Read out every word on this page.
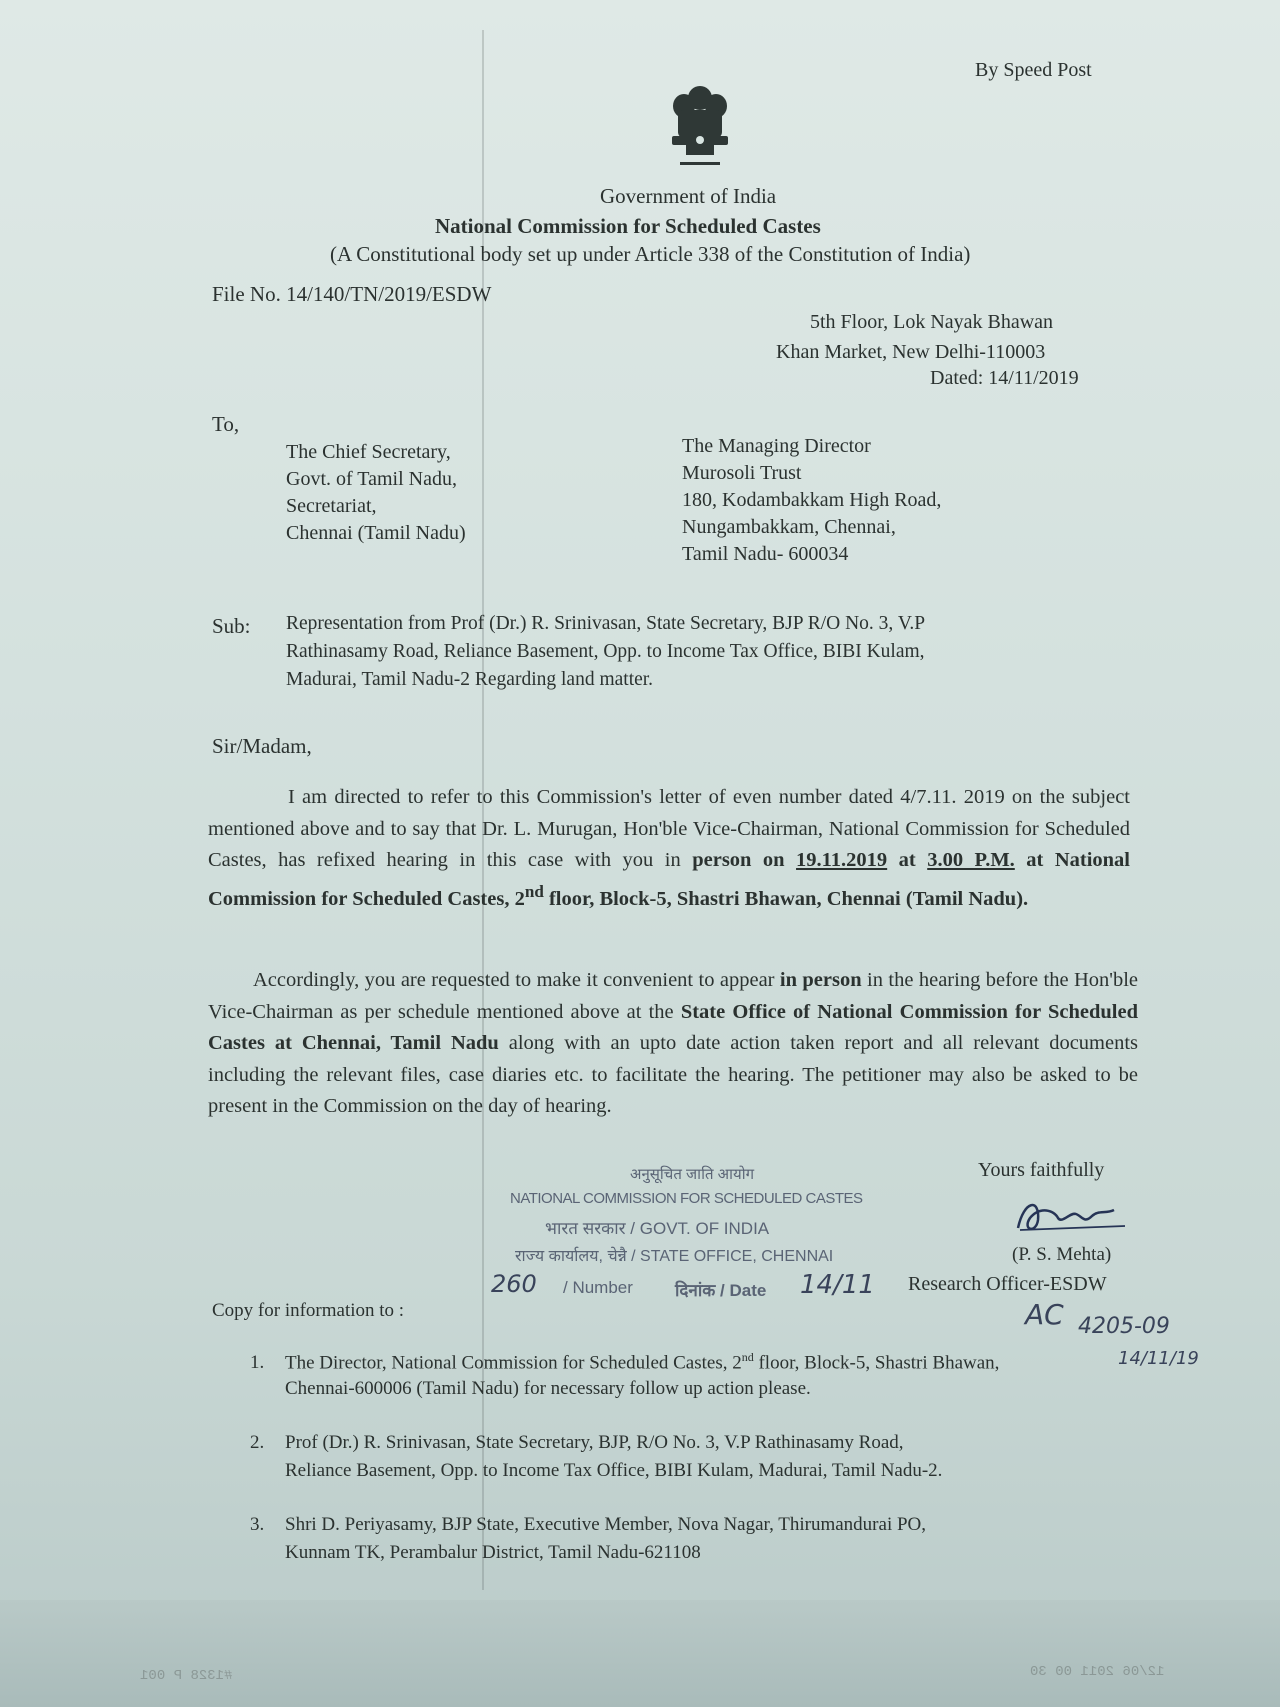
By Speed Post
Government of India
National Commission for Scheduled Castes
(A Constitutional body set up under Article 338 of the Constitution of India)
File No. 14/140/TN/2019/ESDW
5th Floor, Lok Nayak Bhawan
Khan Market, New Delhi-110003
Dated: 14/11/2019
To,
The Chief Secretary,
Govt. of Tamil Nadu,
Secretariat,
Chennai (Tamil Nadu)
The Managing Director
Murosoli Trust
180, Kodambakkam High Road,
Nungambakkam, Chennai,
Tamil Nadu- 600034
Sub: Representation from Prof (Dr.) R. Srinivasan, State Secretary, BJP R/O No. 3, V.P
Rathinasamy Road, Reliance Basement, Opp. to Income Tax Office, BIBI Kulam,
Madurai, Tamil Nadu-2 Regarding land matter.
Sir/Madam,
I am directed to refer to this Commission's letter of even number dated 4/7.11. 2019 on the subject mentioned above and to say that Dr. L. Murugan, Hon'ble Vice-Chairman, National Commission for Scheduled Castes, has refixed hearing in this case with you in person on 19.11.2019 at 3.00 P.M. at National Commission for Scheduled Castes, 2nd floor, Block-5, Shastri Bhawan, Chennai (Tamil Nadu).
Accordingly, you are requested to make it convenient to appear in person in the hearing before the Hon'ble Vice-Chairman as per schedule mentioned above at the State Office of National Commission for Scheduled Castes at Chennai, Tamil Nadu along with an upto date action taken report and all relevant documents including the relevant files, case diaries etc. to facilitate the hearing. The petitioner may also be asked to be present in the Commission on the day of hearing.
Yours faithfully
(P. S. Mehta)
Research Officer-ESDW
अनुसूचित जाति आयोग
NATIONAL COMMISSION FOR SCHEDULED CASTES
भारत सरकार / GOVT. OF INDIA
राज्य कार्यालय, चेन्नै / STATE OFFICE, CHENNAI
260 / Number दिनांक / Date 14/11
AC 4205-09
14/11/19
Copy for information to :
1. The Director, National Commission for Scheduled Castes, 2nd floor, Block-5, Shastri Bhawan,
Chennai-600006 (Tamil Nadu) for necessary follow up action please.
2. Prof (Dr.) R. Srinivasan, State Secretary, BJP, R/O No. 3, V.P Rathinasamy Road,
Reliance Basement, Opp. to Income Tax Office, BIBI Kulam, Madurai, Tamil Nadu-2.
3. Shri D. Periyasamy, BJP State, Executive Member, Nova Nagar, Thirumandurai PO,
Kunnam TK, Perambalur District, Tamil Nadu-621108
#1328 P 001	12/06 2011 00 30
